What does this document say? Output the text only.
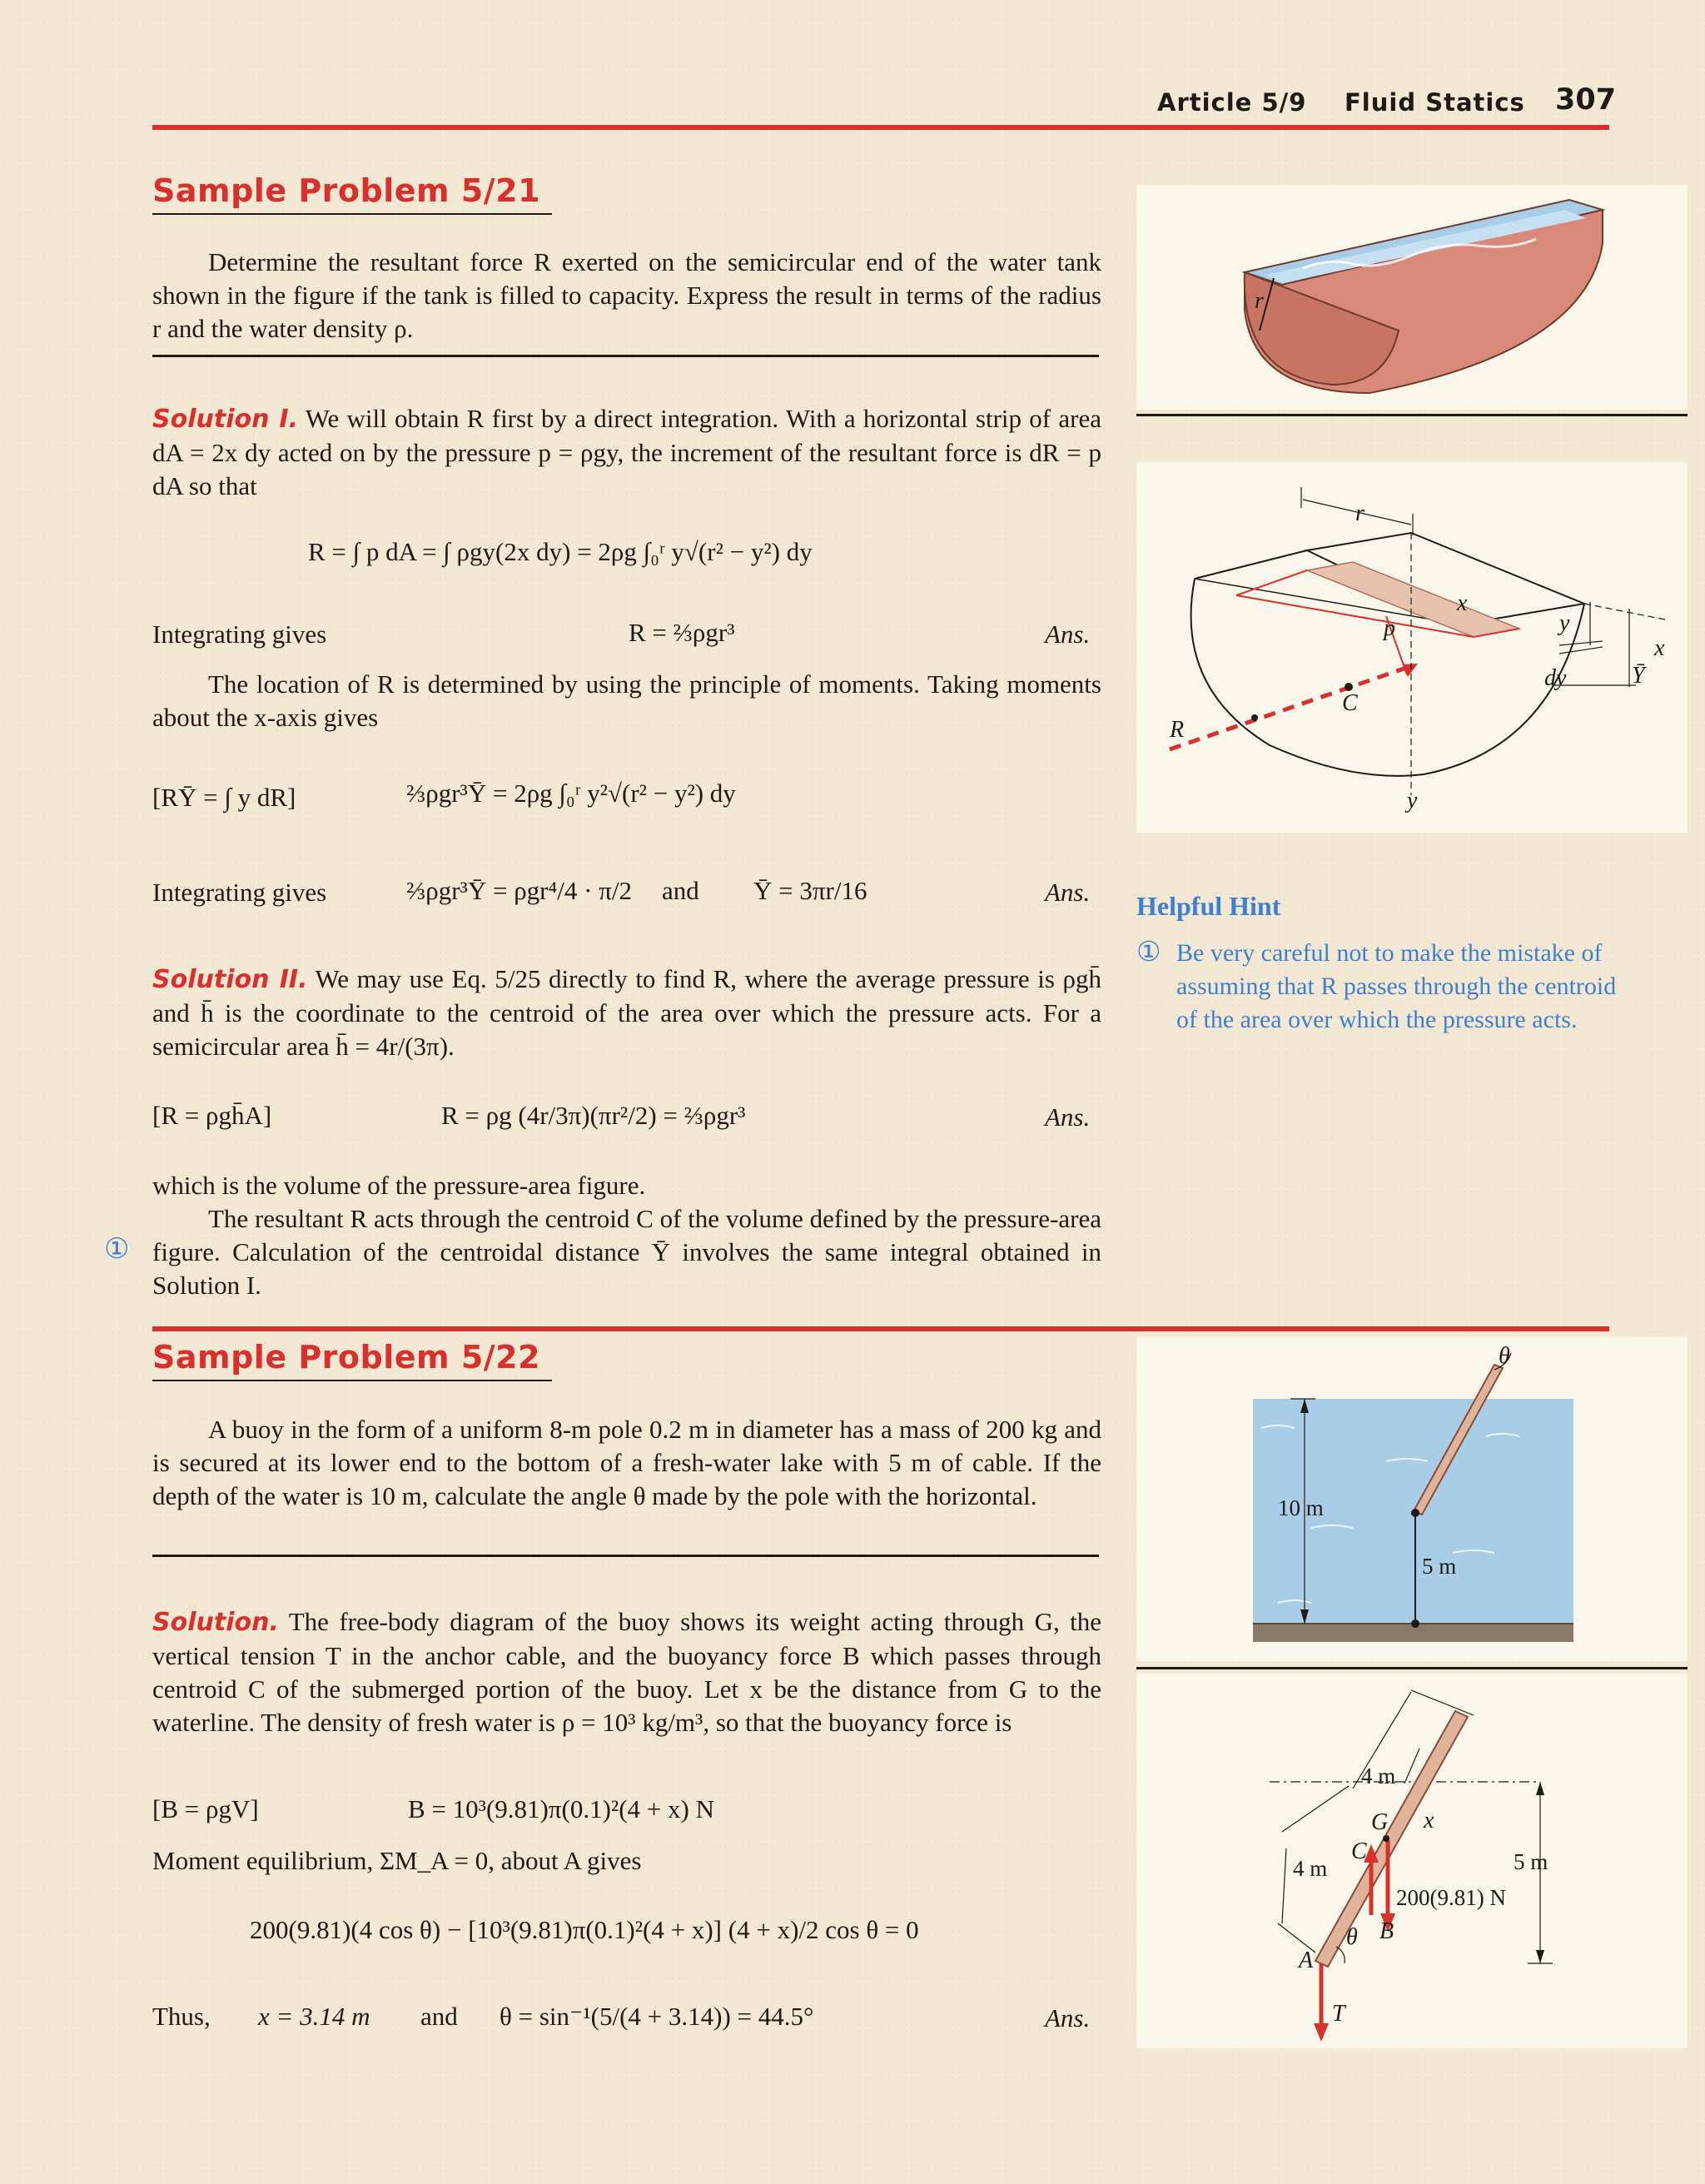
Article 5/9 Fluid Statics 307
Sample Problem 5/21
Determine the resultant force R exerted on the semicircular end of the water tank shown in the figure if the tank is filled to capacity. Express the result in terms of the radius r and the water density ρ.
Solution I. We will obtain R first by a direct integration. With a horizontal strip of area dA = 2x dy acted on by the pressure p = ρgy, the increment of the resultant force is dR = p dA so that
R = ∫ p dA = ∫ ρgy(2x dy) = 2ρg ∫₀ʳ y√(r² − y²) dy
Integrating gives	R = ⅔ρgr³	Ans.
The location of R is determined by using the principle of moments. Taking moments about the x-axis gives
[RȲ = ∫ y dR]	⅔ρgr³Ȳ = 2ρg ∫₀ʳ y²√(r² − y²) dy
Integrating gives	⅔ρgr³Ȳ = ρgr⁴/4 · π/2 and Ȳ = 3πr/16	Ans.
Solution II. We may use Eq. 5/25 directly to find R, where the average pressure is ρgh̄ and h̄ is the coordinate to the centroid of the area over which the pressure acts. For a semicircular area h̄ = 4r/(3π).
[R = ρgh̄A]	R = ρg (4r/3π)(πr²/2) = ⅔ρgr³	Ans.
which is the volume of the pressure-area figure.
The resultant R acts through the centroid C of the volume defined by the pressure-area figure. Calculation of the centroidal distance Ȳ involves the same integral obtained in Solution I.
①
r
r
x
x
p	y
dy	Ȳ
C
R
y
Helpful Hint
① Be very careful not to make the mistake of assuming that R passes through the centroid of the area over which the pressure acts.
Sample Problem 5/22
A buoy in the form of a uniform 8-m pole 0.2 m in diameter has a mass of 200 kg and is secured at its lower end to the bottom of a fresh-water lake with 5 m of cable. If the depth of the water is 10 m, calculate the angle θ made by the pole with the horizontal.
Solution. The free-body diagram of the buoy shows its weight acting through G, the vertical tension T in the anchor cable, and the buoyancy force B which passes through centroid C of the submerged portion of the buoy. Let x be the distance from G to the waterline. The density of fresh water is ρ = 10³ kg/m³, so that the buoyancy force is
[B = ρgV]	B = 10³(9.81)π(0.1)²(4 + x) N
Moment equilibrium, ΣM_A = 0, about A gives
200(9.81)(4 cos θ) − [10³(9.81)π(0.1)²(4 + x)] (4 + x)/2 cos θ = 0
Thus, x = 3.14 m and θ = sin⁻¹(5/(4 + 3.14)) = 44.5°	Ans.
θ
10 m
5 m
4 m
4 m	5 m
G
C
x
200(9.81) N
B
θ
A
T
